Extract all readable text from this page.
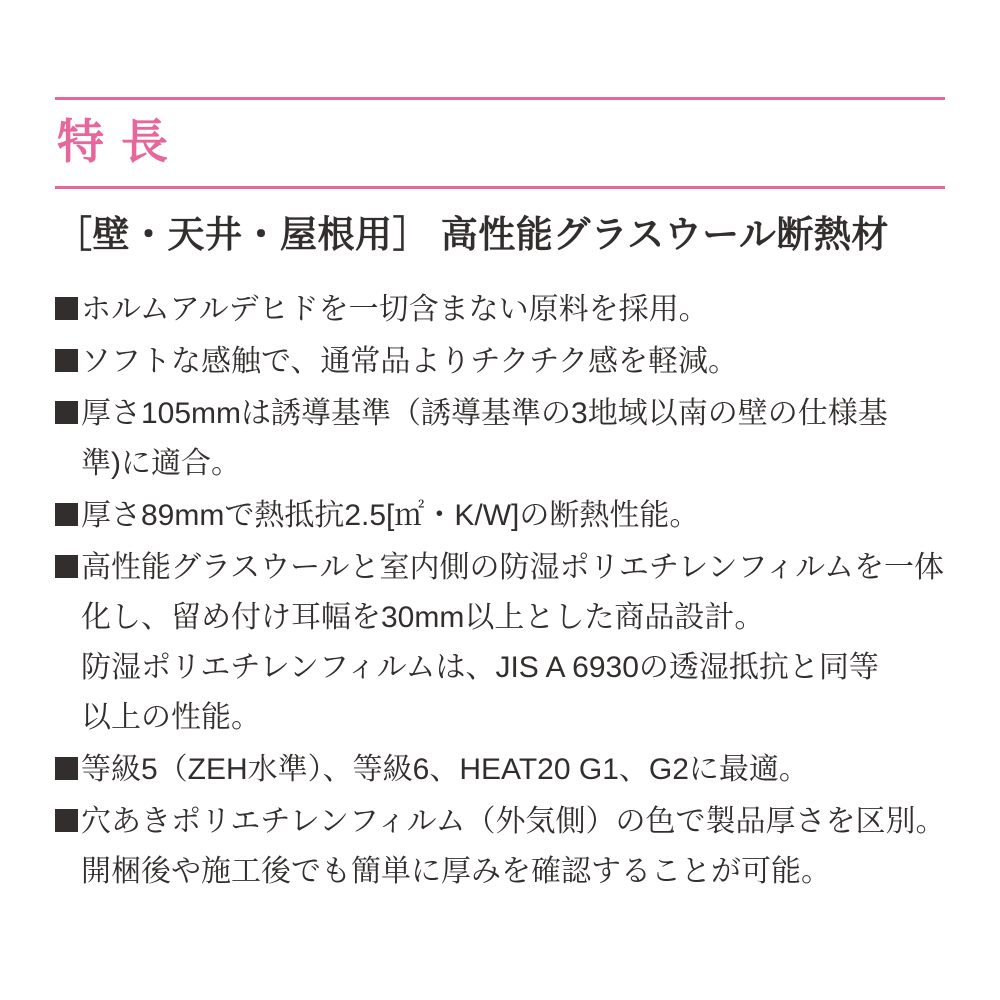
特 長
［壁・天井・屋根用］ 高性能グラスウール断熱材
ホルムアルデヒドを一切含まない原料を採用。
ソフトな感触で、通常品よりチクチク感を軽減。
厚さ105mmは誘導基準（誘導基準の3地域以南の壁の仕様基
準)に適合。
厚さ89mmで熱抵抗2.5[㎡・K/W]の断熱性能。
高性能グラスウールと室内側の防湿ポリエチレンフィルムを一体
化し、留め付け耳幅を30mm以上とした商品設計。
防湿ポリエチレンフィルムは、JIS A 6930の透湿抵抗と同等
以上の性能。
等級5（ZEH水準）、等級6、HEAT20 G1、G2に最適。
穴あきポリエチレンフィルム（外気側）の色で製品厚さを区別。
開梱後や施工後でも簡単に厚みを確認することが可能。
